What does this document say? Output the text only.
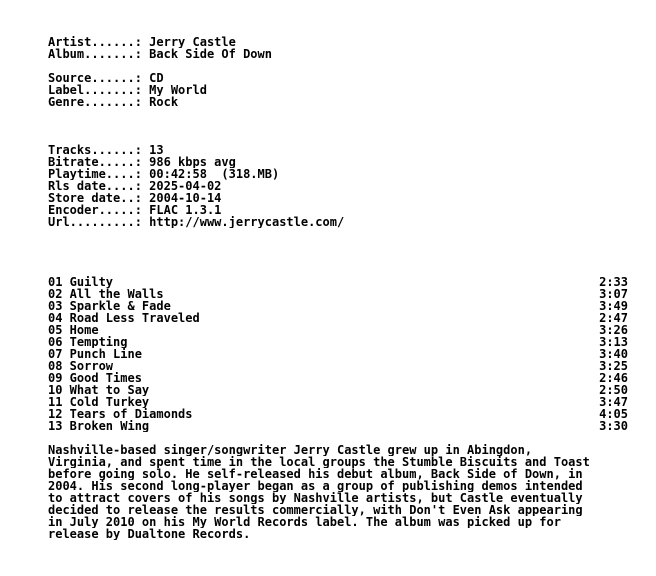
Artist......: Jerry Castle
Album.......: Back Side Of Down
Source......: CD
Label.......: My World
Genre.......: Rock
Tracks......: 13
Bitrate.....: 986 kbps avg
Playtime....: 00:42:58  (318.MB)
Rls date....: 2025-04-02
Store date..: 2004-10-14
Encoder.....: FLAC 1.3.1
Url.........: http://www.jerrycastle.com/
01 Guilty	2:33
02 All the Walls	3:07
03 Sparkle & Fade	3:49
04 Road Less Traveled	2:47
05 Home	3:26
06 Tempting	3:13
07 Punch Line	3:40
08 Sorrow	3:25
09 Good Times	2:46
10 What to Say	2:50
11 Cold Turkey	3:47
12 Tears of Diamonds	4:05
13 Broken Wing	3:30
Nashville-based singer/songwriter Jerry Castle grew up in Abingdon,
Virginia, and spent time in the local groups the Stumble Biscuits and Toast
before going solo. He self-released his debut album, Back Side of Down, in
2004. His second long-player began as a group of publishing demos intended
to attract covers of his songs by Nashville artists, but Castle eventually
decided to release the results commercially, with Don't Even Ask appearing
in July 2010 on his My World Records label. The album was picked up for
release by Dualtone Records.
